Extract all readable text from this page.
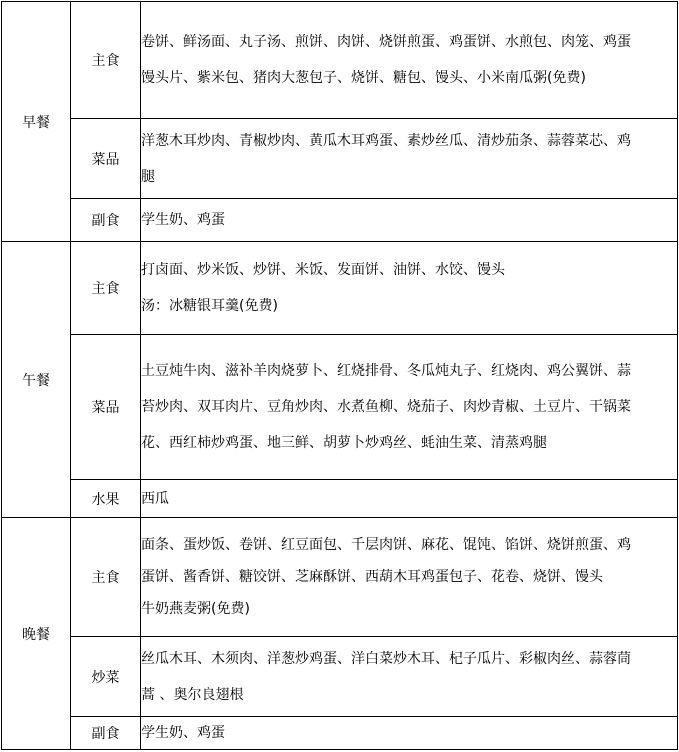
早餐	主食	卷饼、鲜汤面、丸子汤、煎饼、肉饼、烧饼煎蛋、鸡蛋饼、水煎包、肉笼、鸡蛋
馒头片、紫米包、猪肉大葱包子、烧饼、糖包、馒头、小米南瓜粥(免费)

	菜品	洋葱木耳炒肉、青椒炒肉、黄瓜木耳鸡蛋、素炒丝瓜、清炒茄条、蒜蓉菜芯、鸡
腿

	副食	学生奶、鸡蛋

午餐	主食	打卤面、炒米饭、炒饼、米饭、发面饼、油饼、水饺、馒头
汤：冰糖银耳羹(免费)

	菜品	土豆炖牛肉、滋补羊肉烧萝卜、红烧排骨、冬瓜炖丸子、红烧肉、鸡公翼饼、蒜
苔炒肉、双耳肉片、豆角炒肉、水煮鱼柳、烧茄子、肉炒青椒、土豆片、干锅菜
花、西红柿炒鸡蛋、地三鲜、胡萝卜炒鸡丝、蚝油生菜、清蒸鸡腿

	水果	西瓜

晚餐	主食	面条、蛋炒饭、卷饼、红豆面包、千层肉饼、麻花、馄饨、馅饼、烧饼煎蛋、鸡
蛋饼、酱香饼、糖饺饼、芝麻酥饼、西葫木耳鸡蛋包子、花卷、烧饼、馒头
牛奶燕麦粥(免费)

	炒菜	丝瓜木耳、木须肉、洋葱炒鸡蛋、洋白菜炒木耳、杞子瓜片、彩椒肉丝、蒜蓉茼
蒿 、奥尔良翅根

	副食	学生奶、鸡蛋
